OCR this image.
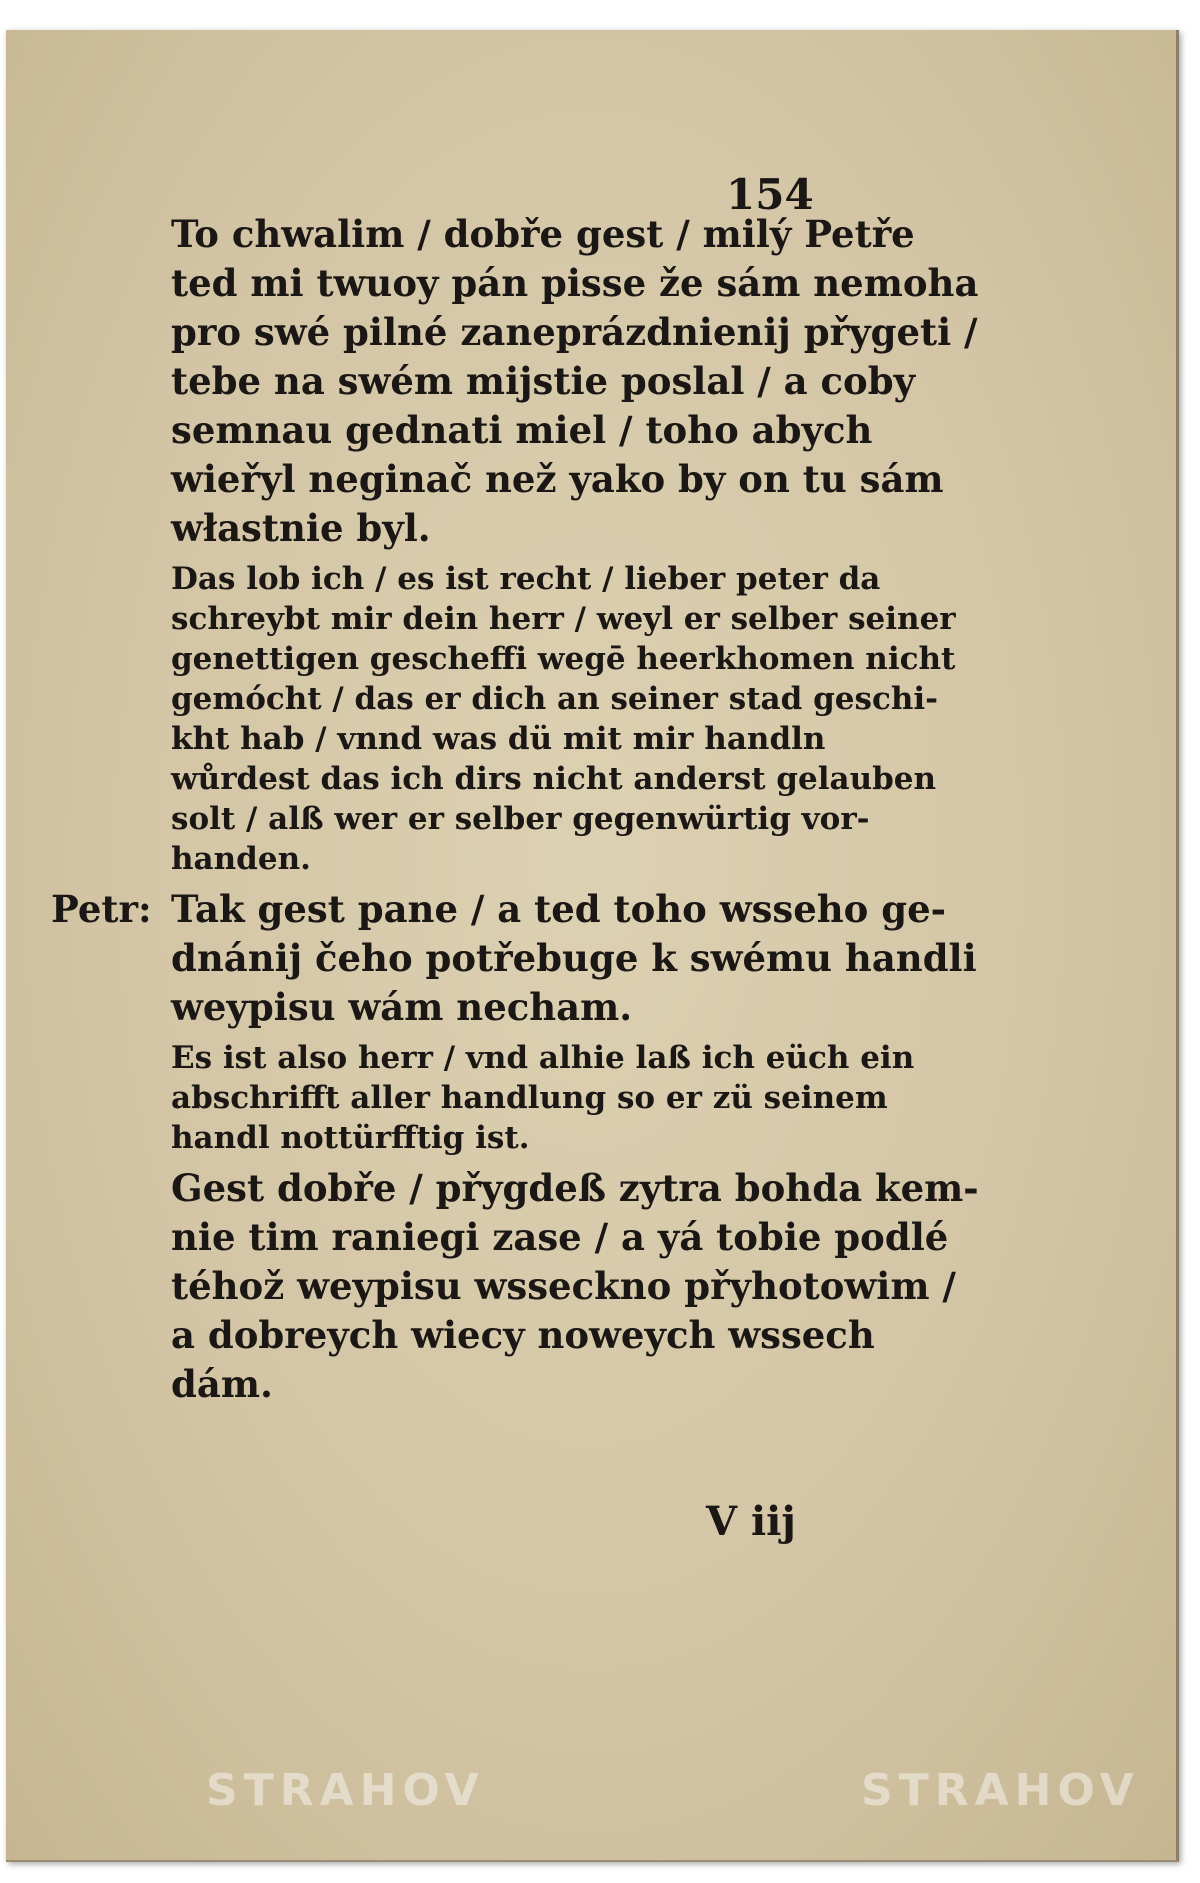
154
To chwalim / dobře gest / milý Petře
ted mi twuoy pán pisse že sám nemoha
pro swé pilné zaneprázdnienij přygeti /
tebe na swém mijstie poslal / a coby
semnau gednati miel / toho abych
wieřyl neginač než yako by on tu sám
włastnie byl.
Das lob ich / es ist recht / lieber peter da
schreybt mir dein herr / weyl er selber seiner
genettigen gescheffi wegē heerkhomen nicht
gemócht / das er dich an seiner stad geschi-
kht hab / vnnd was dü mit mir handln
wůrdest das ich dirs nicht anderst gelauben
solt / alß wer er selber gegenwürtig vor-
handen.
Petr: Tak gest pane / a ted toho wsseho ge-
dnánij čeho potřebuge k swému handli
weypisu wám necham.
Es ist also herr / vnd alhie laß ich eüch ein
abschrifft aller handlung so er zü seinem
handl nottürfftig ist.
Gest dobře / přygdeß zytra bohda kem-
nie tim raniegi zase / a yá tobie podlé
téhož weypisu wsseckno přyhotowim /
a dobreych wiecy noweych wssech
dám.
V iij
STRAHOV	STRAHOV
